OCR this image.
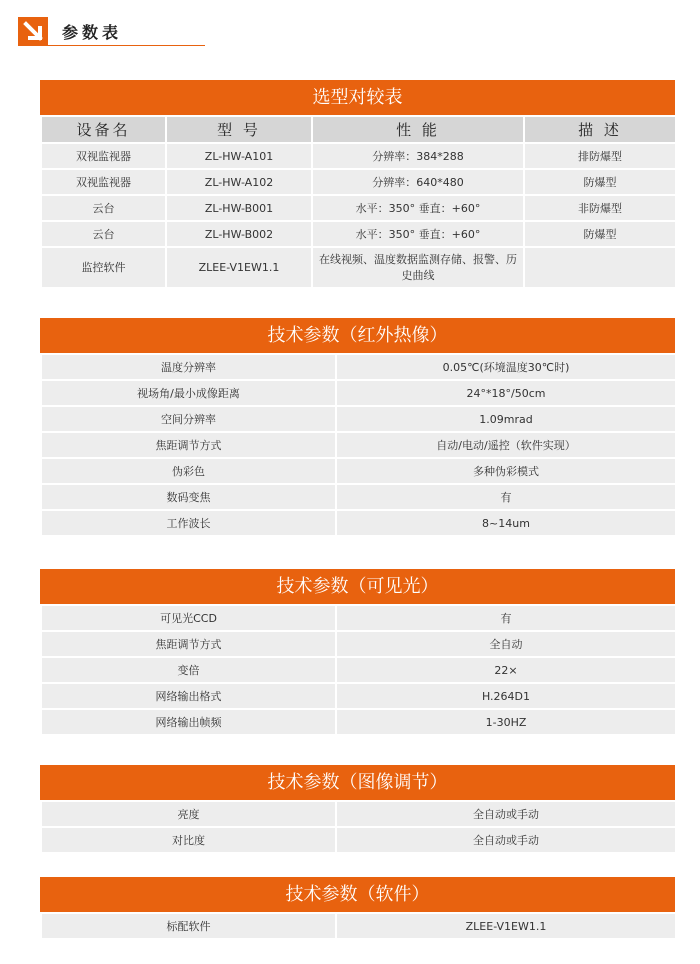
参数表
选型对较表
设备名	型 号	性 能	描 述
双视监视器	ZL-HW-A101	分辨率：384*288	排防爆型
双视监视器	ZL-HW-A102	分辨率：640*480	防爆型
云台	ZL-HW-B001	水平：350° 垂直：+60°	非防爆型
云台	ZL-HW-B002	水平：350° 垂直：+60°	防爆型
监控软件	ZLEE-V1EW1.1	在线视频、温度数据监测存储、报警、历史曲线	
技术参数（红外热像）
温度分辨率	0.05℃(环境温度30℃时)
视场角/最小成像距离	24°*18°/50cm
空间分辨率	1.09mrad
焦距调节方式	自动/电动/遥控（软件实现）
伪彩色	多种伪彩模式
数码变焦	有
工作波长	8~14um
技术参数（可见光）
可见光CCD	有
焦距调节方式	全自动
变倍	22×
网络输出格式	H.264D1
网络输出帧频	1-30HZ
技术参数（图像调节）
亮度	全自动或手动
对比度	全自动或手动
技术参数（软件）
标配软件	ZLEE-V1EW1.1
